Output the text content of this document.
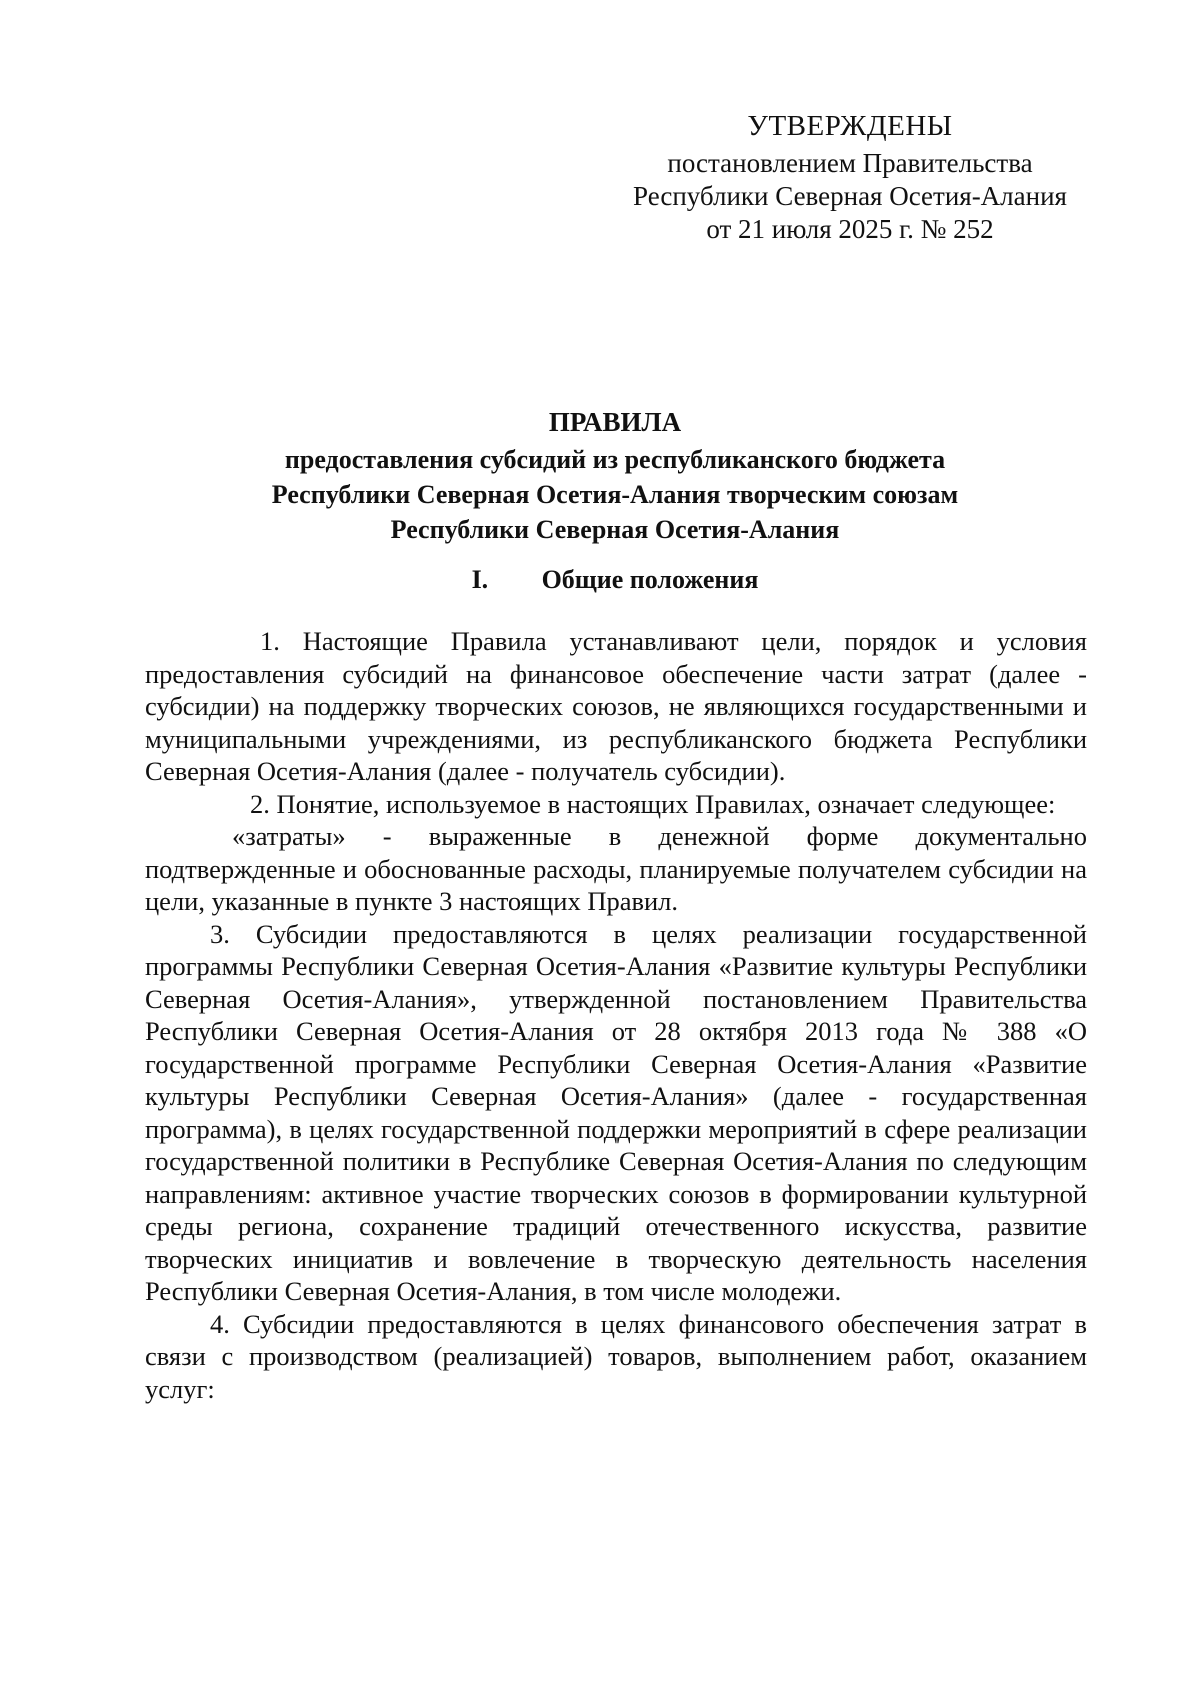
УТВЕРЖДЕНЫ
постановлением Правительства
Республики Северная Осетия-Алания
от 21 июля 2025 г. № 252
ПРАВИЛА
предоставления субсидий из республиканского бюджета
Республики Северная Осетия-Алания творческим союзам
Республики Северная Осетия-Алания
I. Общие положения

1. Настоящие Правила устанавливают цели, порядок и условия предоставления субсидий на финансовое обеспечение части затрат (далее - субсидии) на поддержку творческих союзов, не являющихся государственными и муниципальными учреждениями, из республиканского бюджета Республики Северная Осетия-Алания (далее - получатель субсидии).

2. Понятие, используемое в настоящих Правилах, означает следующее:

«затраты» - выраженные в денежной форме документально подтвержденные и обоснованные расходы, планируемые получателем субсидии на цели, указанные в пункте 3 настоящих Правил.

3. Субсидии предоставляются в целях реализации государственной программы Республики Северная Осетия-Алания «Развитие культуры Республики Северная Осетия-Алания», утвержденной постановлением Правительства Республики Северная Осетия-Алания от 28 октября 2013 года № 388 «О государственной программе Республики Северная Осетия-Алания «Развитие культуры Республики Северная Осетия-Алания» (далее - государственная программа), в целях государственной поддержки мероприятий в сфере реализации государственной политики в Республике Северная Осетия-Алания по следующим направлениям: активное участие творческих союзов в формировании культурной среды региона, сохранение традиций отечественного искусства, развитие творческих инициатив и вовлечение в творческую деятельность населения Республики Северная Осетия-Алания, в том числе молодежи.

4. Субсидии предоставляются в целях финансового обеспечения затрат в связи с производством (реализацией) товаров, выполнением работ, оказанием услуг:
